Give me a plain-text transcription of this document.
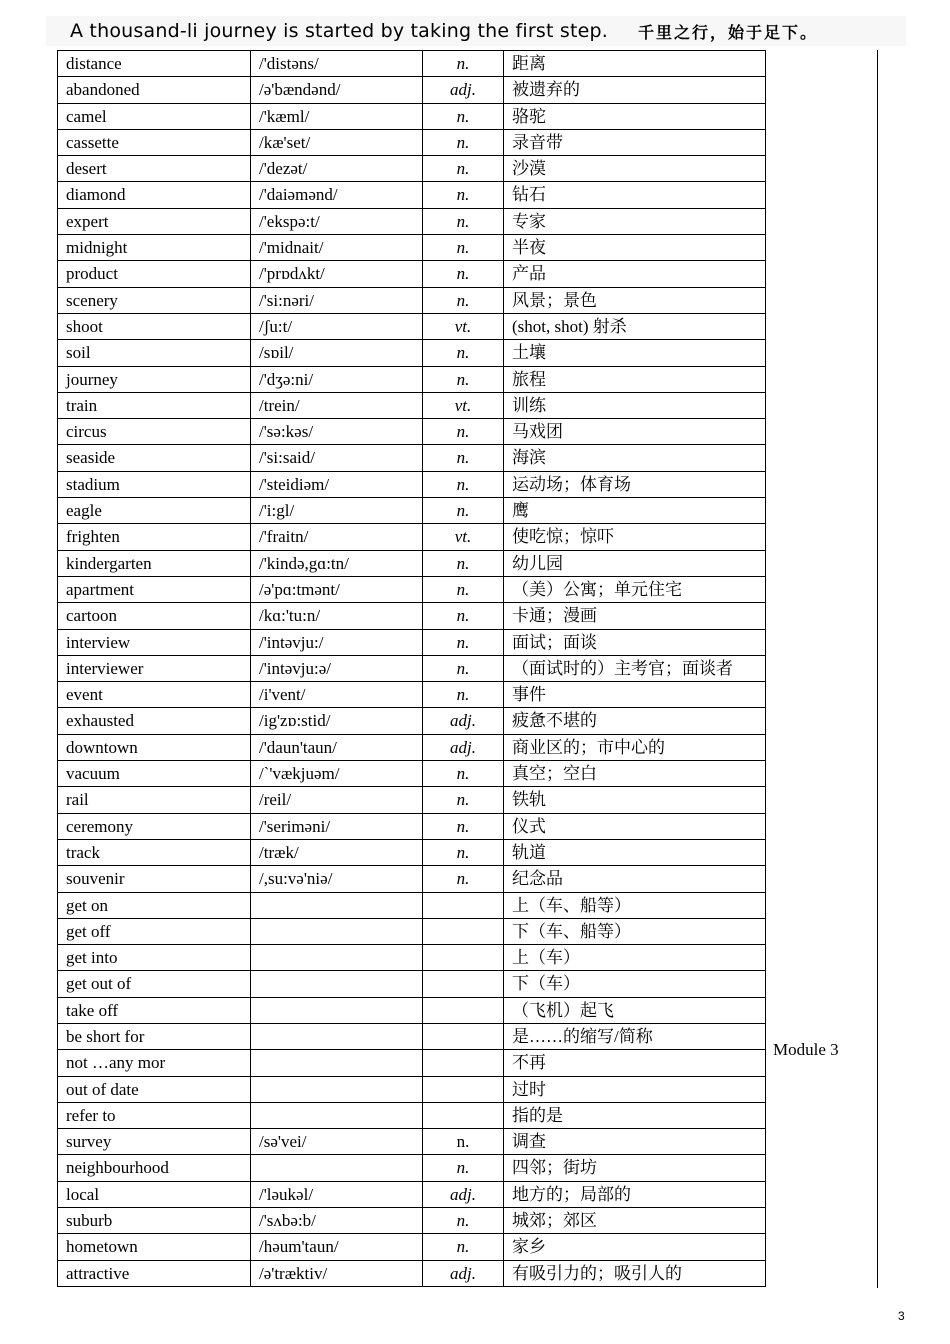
A thousand-li journey is started by taking the first step. 千里之行，始于足下。
distance	/'distəns/	n.	距离
abandoned	/ə'bændənd/	adj.	被遗弃的
camel	/'kæml/	n.	骆驼
cassette	/kæ'set/	n.	录音带
desert	/'dezət/	n.	沙漠
diamond	/'daiəmənd/	n.	钻石
expert	/'ekspə:t/	n.	专家
midnight	/'midnait/	n.	半夜
product	/'prɒdʌkt/	n.	产品
scenery	/'si:nəri/	n.	风景；景色
shoot	/ʃu:t/	vt.	(shot, shot) 射杀
soil	/sɒil/	n.	土壤
journey	/'dʒə:ni/	n.	旅程
train	/trein/	vt.	训练
circus	/'sə:kəs/	n.	马戏团
seaside	/'si:said/	n.	海滨
stadium	/'steidiəm/	n.	运动场；体育场
eagle	/'i:gl/	n.	鹰
frighten	/'fraitn/	vt.	使吃惊；惊吓
kindergarten	/'kində,gɑ:tn/	n.	幼儿园
apartment	/ə'pɑ:tmənt/	n.	（美）公寓；单元住宅
cartoon	/kɑ:'tu:n/	n.	卡通；漫画
interview	/'intəvju:/	n.	面试；面谈
interviewer	/'intəvju:ə/	n.	（面试时的）主考官；面谈者
event	/i'vent/	n.	事件
exhausted	/ig'zɒ:stid/	adj.	疲惫不堪的
downtown	/'daun'taun/	adj.	商业区的；市中心的
vacuum	/ˋ'vækjuəm/	n.	真空；空白
rail	/reil/	n.	铁轨
ceremony	/'seriməni/	n.	仪式
track	/træk/	n.	轨道
souvenir	/,su:və'niə/	n.	纪念品
get on			上（车、船等）
get off			下（车、船等）
get into			上（车）
get out of			下（车）
take off			（飞机）起飞
be short for			是……的缩写/简称
not …any mor			不再
out of date			过时
refer to			指的是
survey	/sə'vei/	n.	调查
neighbourhood		n.	四邻；街坊
local	/'ləukəl/	adj.	地方的；局部的
suburb	/'sʌbə:b/	n.	城郊；郊区
hometown	/həum'taun/	n.	家乡
attractive	/ə'træktiv/	adj.	有吸引力的；吸引人的
Module 3
3
